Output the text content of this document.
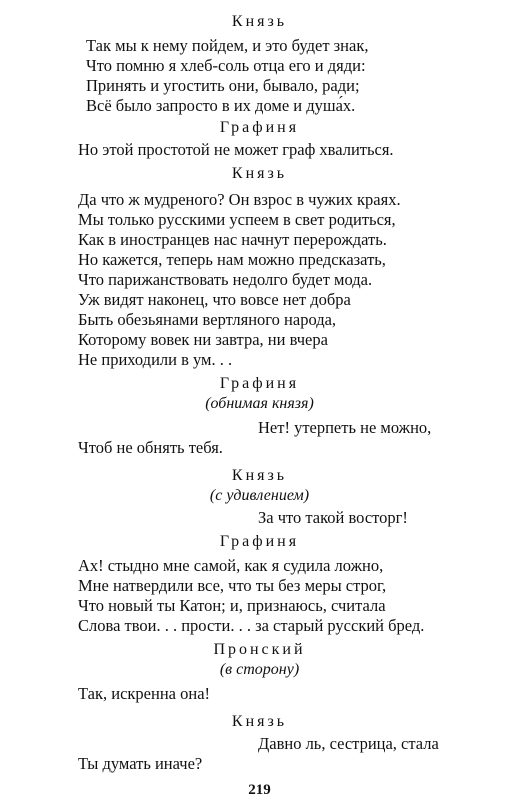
Князь
Так мы к нему пойдем, и это будет знак,
Что помню я хлеб-соль отца его и дяди:
Принять и угостить они, бывало, ради;
Всё было запросто в их доме и душа́х.
Графиня
Но этой простотой не может граф хвалиться.
Князь
Да что ж мудреного? Он взрос в чужих краях.
Мы только русскими успеем в свет родиться,
Как в иностранцев нас начнут перерождать.
Но кажется, теперь нам можно предсказать,
Что парижанствовать недолго будет мода.
Уж видят наконец, что вовсе нет добра
Быть обезьянами вертляного народа,
Которому вовек ни завтра, ни вчера
Не приходили в ум. . .
Графиня
(обнимая князя)
Нет! утерпеть не можно,
Чтоб не обнять тебя.
Князь
(с удивлением)
За что такой восторг!
Графиня
Ах! стыдно мне самой, как я судила ложно,
Мне натвердили все, что ты без меры строг,
Что новый ты Катон; и, признаюсь, считала
Слова твои. . . прости. . . за старый русский бред.
Пронский
(в сторону)
Так, искренна она!
Князь
Давно ль, сестрица, стала
Ты думать иначе?
219
